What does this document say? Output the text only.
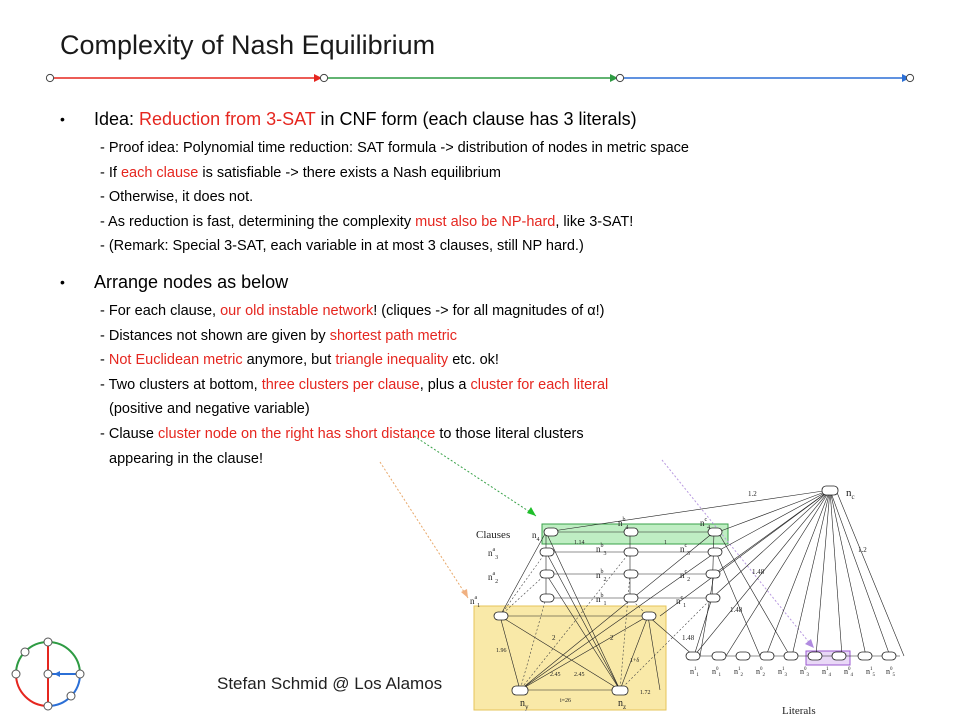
Complexity of Nash Equilibrium
• Idea: Reduction from 3-SAT in CNF form (each clause has 3 literals)
- Proof idea: Polynomial time reduction: SAT formula -> distribution of nodes in metric space
- If each clause is satisfiable -> there exists a Nash equilibrium
- Otherwise, it does not.
- As reduction is fast, determining the complexity must also be NP-hard, like 3-SAT!
- (Remark: Special 3-SAT, each variable in at most 3 clauses, still NP hard.)
• Arrange nodes as below
- For each clause, our old instable network! (cliques -> for all magnitudes of α!)
- Distances not shown are given by shortest path metric
- Not Euclidean metric anymore, but triangle inequality etc. ok!
- Two clusters at bottom, three clusters per clause, plus a cluster for each literal
(positive and negative variable)
- Clause cluster node on the right has short distance to those literal clusters
appearing in the clause!
Clauses
Literals
$n_c$
$n_y$	$n_z$
$n_4$
$n^b_4$	$n^c_4$
$n^a_3$
$n^b_3$	$n^c_3$
$n^a_2$
$n^b_2$	$n^c_2$
$n^a_1$
$n^b_1$	$n^c_1$
$n^1_1$ $n^0_1$ $n^1_2$ $n^0_2$ $n^1_3$ $n^0_3$ $n^1_4$ $n^0_4$ $n^1_5$ $n^0_5$
1.2
1.2
1.48
1.48
1.48
1.14	1
2	2
1.96
2.45 2.45
1.72
1+δ
i=26
Stefan Schmid @ Los Alamos
